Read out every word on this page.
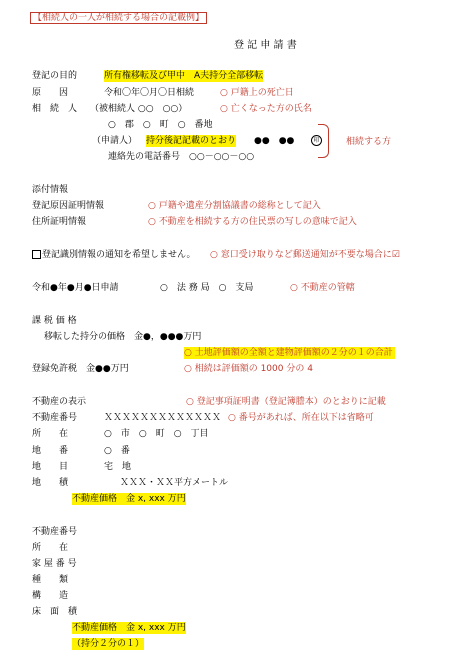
【相続人の一人が相続する場合の記載例】
登 記 申 請 書
登記の目的	所有権移転及び甲中　A夫持分全部移転
原　　因	令和〇年〇月〇日相続	○ 戸籍上の死亡日
相　続　人 （被相続人 ○○　○○）	○ 亡くなった方の氏名
○　郡　○　町　○　番地
（申請人） 持分後記記載のとおり ●●　●●	印
連絡先の電話番号　○○－○○－○○
相続する方
添付情報
登記原因証明情報	○ 戸籍や遺産分割協議書の総称として記入
住所証明情報	○ 不動産を相続する方の住民票の写しの意味で記入
登記識別情報の通知を希望しません。 ○ 窓口受け取りなど郵送通知が不要な場合に☑
令和●年●月●日申請	○　法 務 局　○　支局	○ 不動産の管轄
課 税 価 格
移転した持分の価格　金●，●●●万円
○ 土地評価額の全額と建物評価額の２分の１の合計
登録免許税　金●●万円	○ 相続は評価額の 1000 分の 4
不動産の表示	○ 登記事項証明書（登記簿謄本）のとおりに記載
不動産番号	ＸＸＸＸＸＸＸＸＸＸＸＸＸ ○ 番号があれば、所在以下は省略可
所　　在	○　市　○　町　○　丁目
地　　番	○　番
地　　目	宅　地
地　　積	ＸＸＸ・ＸＸ平方メートル
不動産価格　金 x, xxx 万円
不動産番号
所　　在
家 屋 番 号
種　　類
構　　造
床　面　積
不動産価格　金 x, xxx 万円
（持分２分の１）
